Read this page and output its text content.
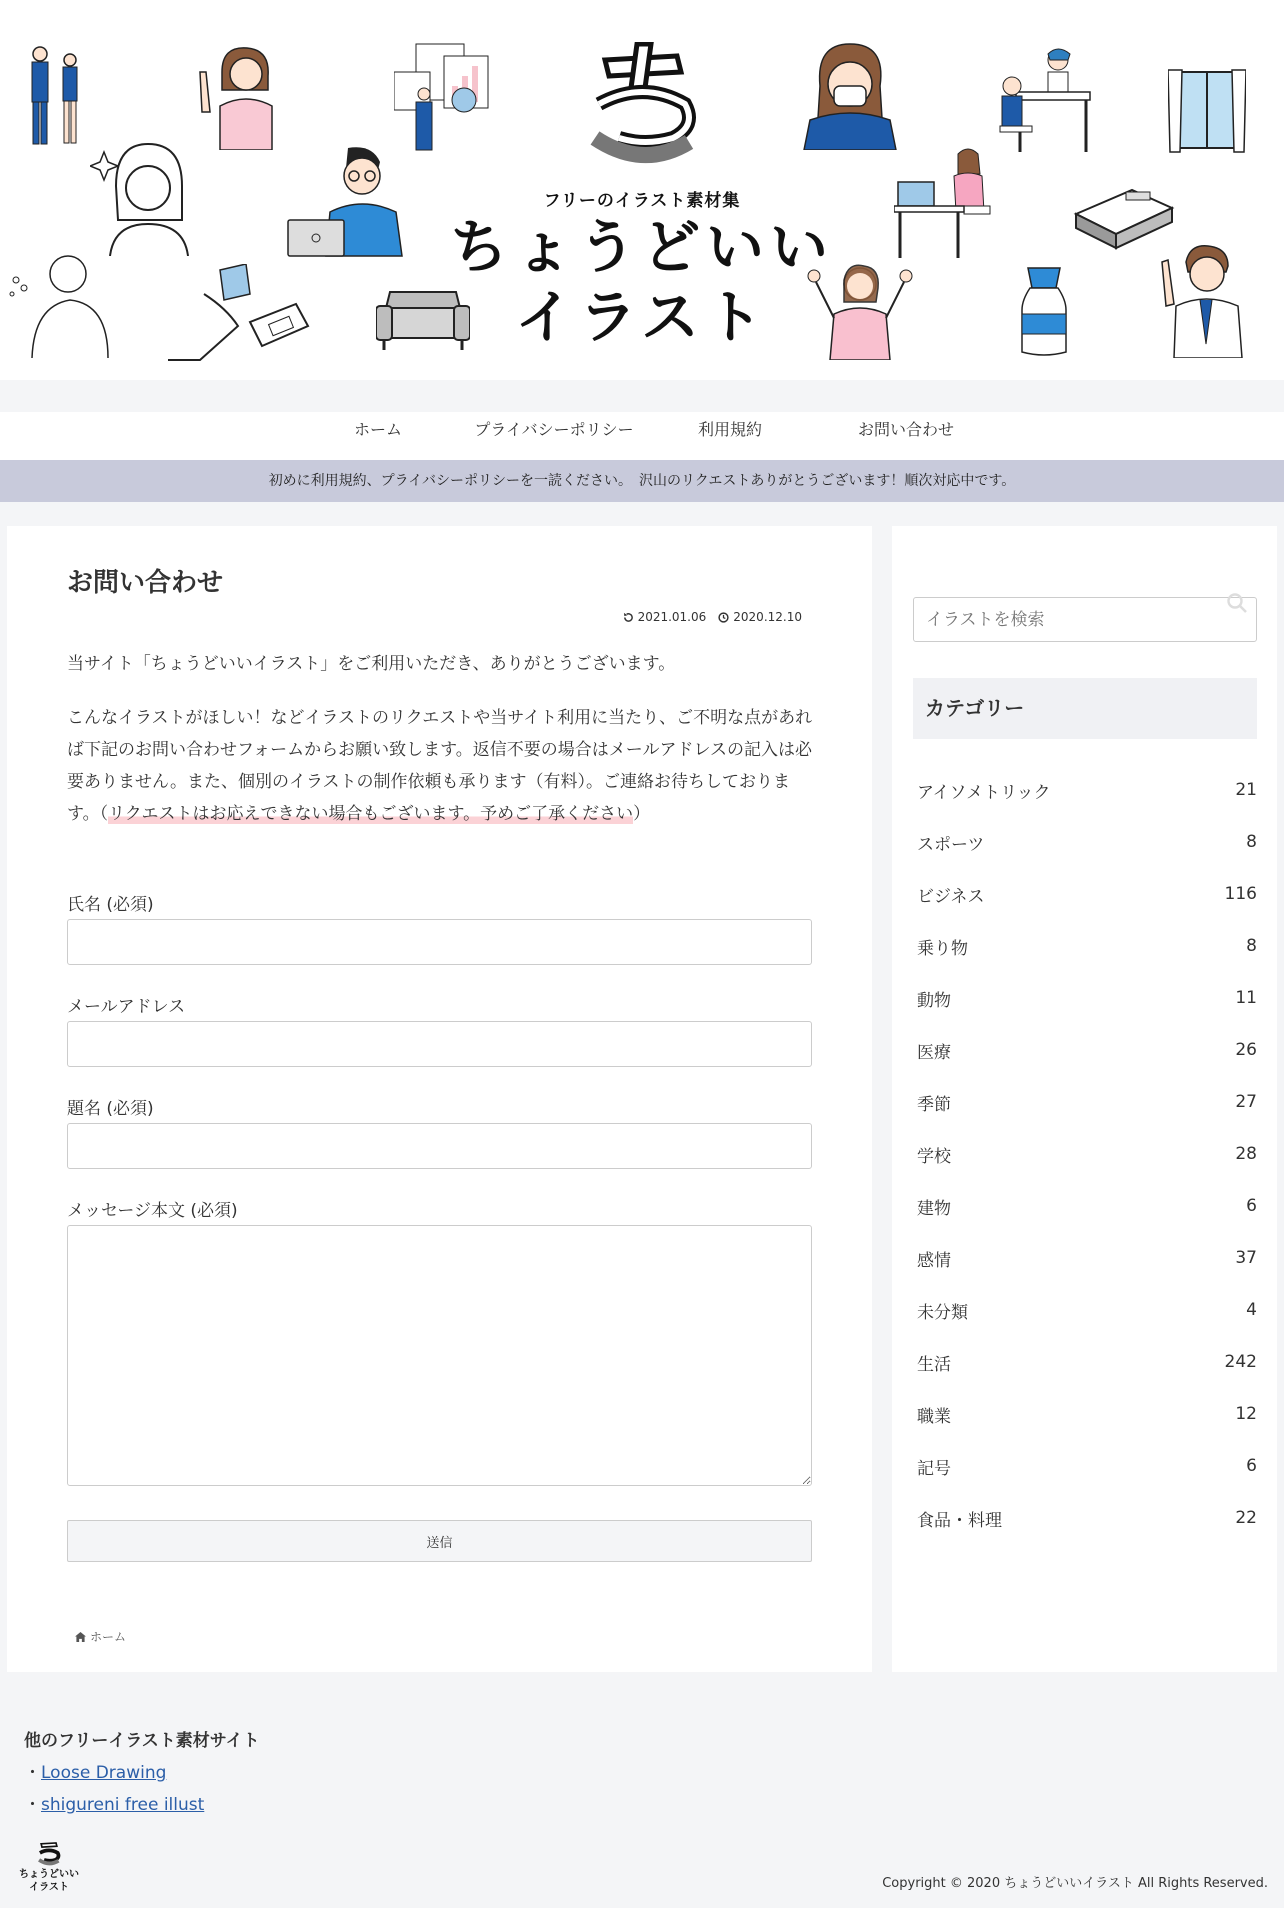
フリーのイラスト素材集
ちょうどいい
イラスト
ホーム	プライバシーポリシー	利用規約	お問い合わせ
初めに利用規約、プライバシーポリシーを一読ください。　沢山のリクエストありがとうございます！順次対応中です。
お問い合わせ
2021.01.06 2020.12.10

当サイト「ちょうどいいイラスト」をご利用いただき、ありがとうございます。

こんなイラストがほしい！などイラストのリクエストや当サイト利用に当たり、ご不明な点があれば下記のお問い合わせフォームからお願い致します。返信不要の場合はメールアドレスの記入は必要ありません。また、個別のイラストの制作依頼も承ります（有料）。ご連絡お待ちしております。（リクエストはお応えできない場合もございます。予めご了承ください）

氏名 (必須)
メールアドレス
題名 (必須)
メッセージ本文 (必須)
送信
ホーム
イラストを検索
カテゴリー
アイソメトリック	21
スポーツ	8
ビジネス	116
乗り物	8
動物	11
医療	26
季節	27
学校	28
建物	6
感情	37
未分類	4
生活	242
職業	12
記号	6
食品・料理	22
他のフリーイラスト素材サイト
・Loose Drawing
・shigureni free illust
ちょうどいい
イラスト	Copyright © 2020 ちょうどいいイラスト All Rights Reserved.
